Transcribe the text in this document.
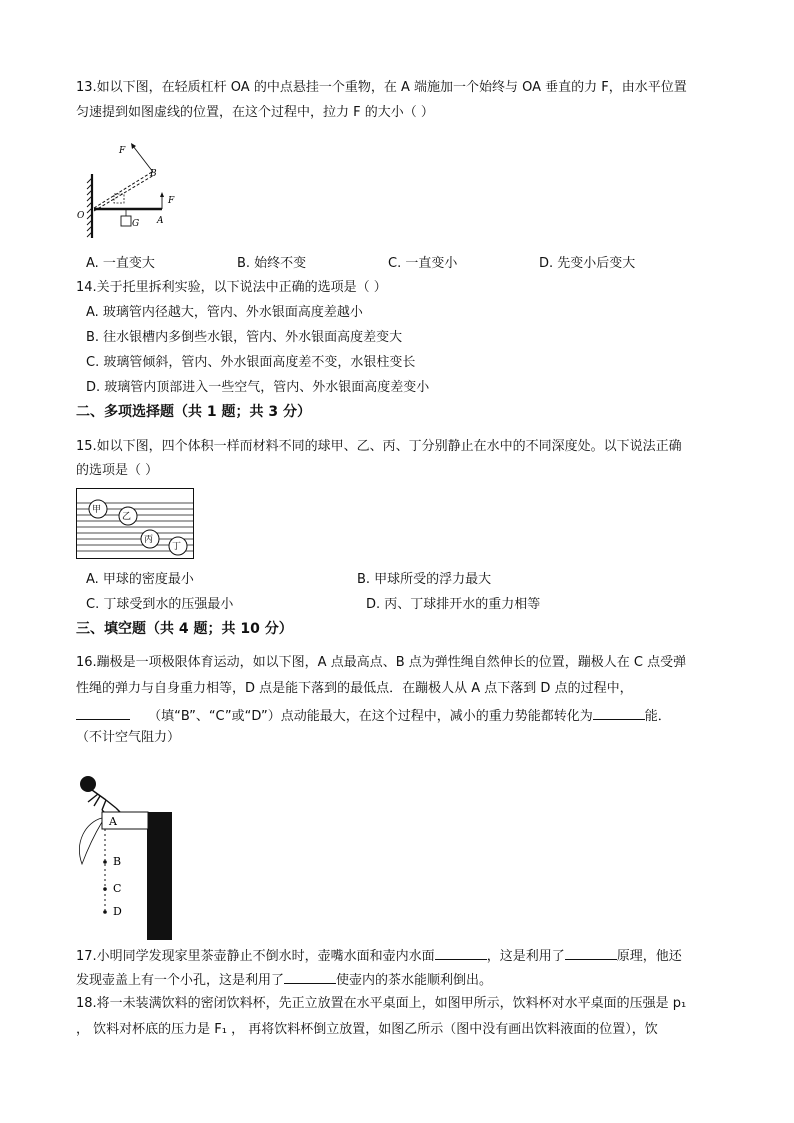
13.如以下图，在轻质杠杆 OA 的中点悬挂一个重物，在 A 端施加一个始终与 OA 垂直的力 F，由水平位置
匀速提到如图虚线的位置，在这个过程中，拉力 F 的大小（ ）
F
B
O
G A
F
A. 一直变大	B. 始终不变	C. 一直变小	D. 先变小后变大
14.关于托里拆利实验，以下说法中正确的选项是（ ）
A. 玻璃管内径越大，管内、外水银面高度差越小
B. 往水银槽内多倒些水银，管内、外水银面高度差变大
C. 玻璃管倾斜，管内、外水银面高度差不变，水银柱变长
D. 玻璃管内顶部进入一些空气，管内、外水银面高度差变小
二、多项选择题（共 1 题；共 3 分）
15.如以下图，四个体积一样而材料不同的球甲、乙、丙、丁分别静止在水中的不同深度处。以下说法正确
的选项是（ ）
甲
乙
丙
丁
A. 甲球的密度最小	B. 甲球所受的浮力最大
C. 丁球受到水的压强最小	D. 丙、丁球排开水的重力相等
三、填空题（共 4 题；共 10 分）
16.蹦极是一项极限体育运动，如以下图，A 点最高点、B 点为弹性绳自然伸长的位置，蹦极人在 C 点受弹
性绳的弹力与自身重力相等，D 点是能下落到的最低点．在蹦极人从 A 点下落到 D 点的过程中，
（填“B”、“C”或“D”）点动能最大，在这个过程中，减小的重力势能都转化为	能．
（不计空气阻力）
A
B
C
D
17.小明同学发现家里茶壶静止不倒水时，壶嘴水面和壶内水面	，这是利用了	原理，他还
发现壶盖上有一个小孔，这是利用了	使壶内的茶水能顺利倒出。
18.将一未装满饮料的密闭饮料杯，先正立放置在水平桌面上，如图甲所示，饮料杯对水平桌面的压强是 p₁
， 饮料对杯底的压力是 F₁ ， 再将饮料杯倒立放置，如图乙所示（图中没有画出饮料液面的位置），饮
